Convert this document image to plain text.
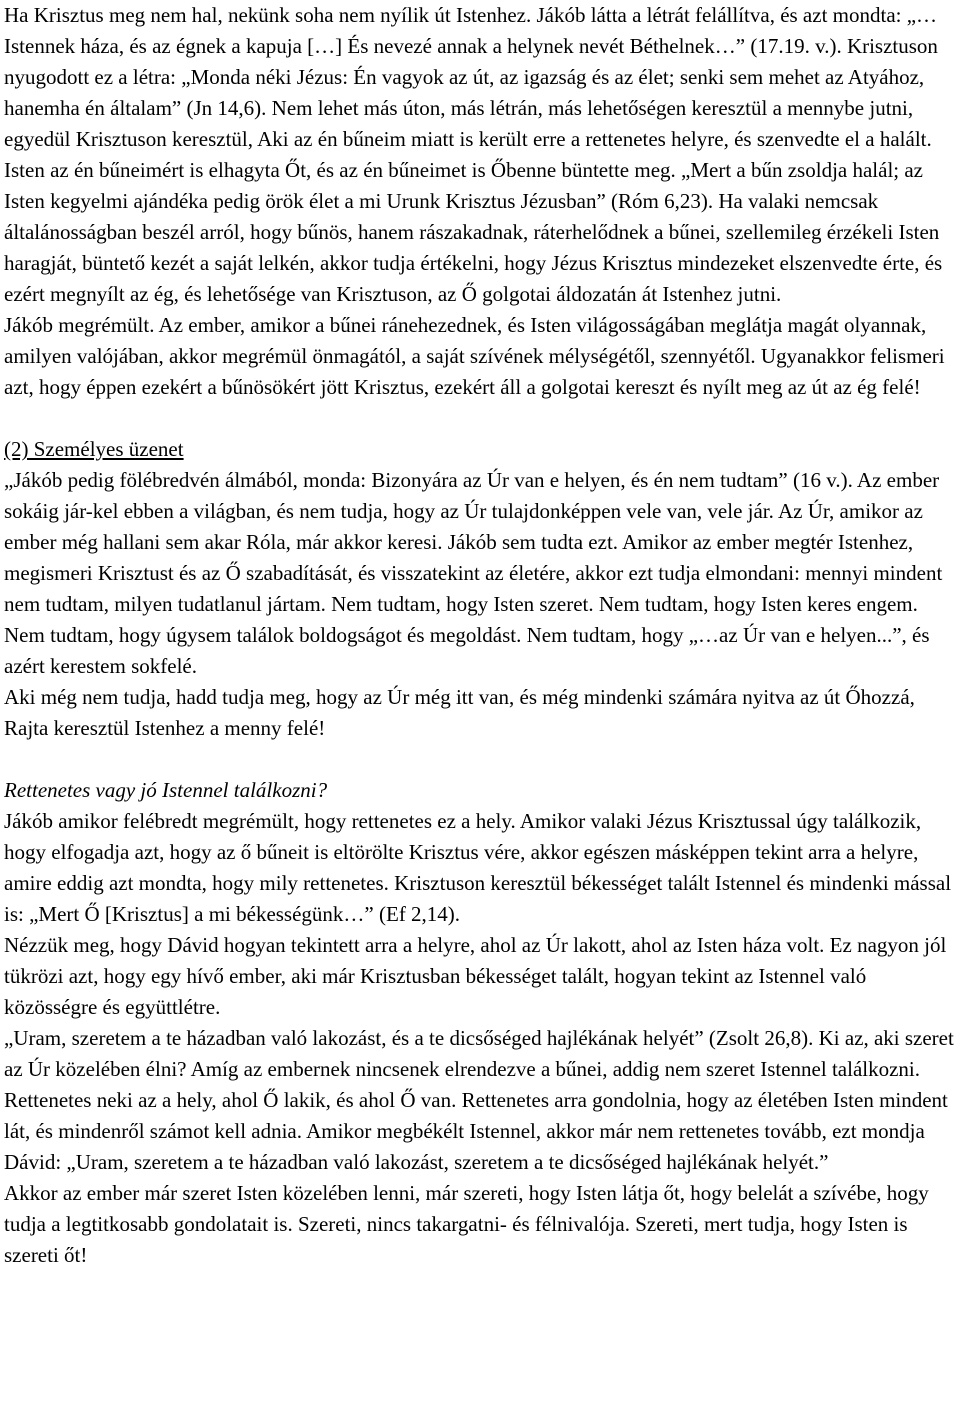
Ha Krisztus meg nem hal, nekünk soha nem nyílik út Istenhez. Jákób látta a létrát felállítva, és azt mondta: „…Istennek háza, és az égnek a kapuja […] És nevezé annak a helynek nevét Béthelnek…” (17.19. v.). Krisztuson nyugodott ez a létra: „Monda néki Jézus: Én vagyok az út, az igazság és az élet; senki sem mehet az Atyához, hanemha én általam” (Jn 14,6). Nem lehet más úton, más létrán, más lehetőségen keresztül a mennybe jutni, egyedül Krisztuson keresztül, Aki az én bűneim miatt is került erre a rettenetes helyre, és szenvedte el a halált. Isten az én bűneimért is elhagyta Őt, és az én bűneimet is Őbenne büntette meg. „Mert a bűn zsoldja halál; az Isten kegyelmi ajándéka pedig örök élet a mi Urunk Krisztus Jézusban” (Róm 6,23). Ha valaki nemcsak általánosságban beszél arról, hogy bűnös, hanem rászakadnak, ráterhelődnek a bűnei, szellemileg érzékeli Isten haragját, büntető kezét a saját lelkén, akkor tudja értékelni, hogy Jézus Krisztus mindezeket elszenvedte érte, és ezért megnyílt az ég, és lehetősége van Krisztuson, az Ő golgotai áldozatán át Istenhez jutni.

Jákób megrémült. Az ember, amikor a bűnei ránehezednek, és Isten világosságában meglátja magát olyannak, amilyen valójában, akkor megrémül önmagától, a saját szívének mélységétől, szennyétől. Ugyanakkor felismeri azt, hogy éppen ezekért a bűnösökért jött Krisztus, ezekért áll a golgotai kereszt és nyílt meg az út az ég felé!

(2) Személyes üzenet

„Jákób pedig fölébredvén álmából, monda: Bizonyára az Úr van e helyen, és én nem tudtam” (16 v.). Az ember sokáig jár-kel ebben a világban, és nem tudja, hogy az Úr tulajdonképpen vele van, vele jár. Az Úr, amikor az ember még hallani sem akar Róla, már akkor keresi. Jákób sem tudta ezt. Amikor az ember megtér Istenhez, megismeri Krisztust és az Ő szabadítását, és visszatekint az életére, akkor ezt tudja elmondani: mennyi mindent nem tudtam, milyen tudatlanul jártam. Nem tudtam, hogy Isten szeret. Nem tudtam, hogy Isten keres engem. Nem tudtam, hogy úgysem találok boldogságot és megoldást. Nem tudtam, hogy „…az Úr van e helyen...”, és azért kerestem sokfelé.

Aki még nem tudja, hadd tudja meg, hogy az Úr még itt van, és még mindenki számára nyitva az út Őhozzá, Rajta keresztül Istenhez a menny felé!

Rettenetes vagy jó Istennel találkozni?

Jákób amikor felébredt megrémült, hogy rettenetes ez a hely. Amikor valaki Jézus Krisztussal úgy találkozik, hogy elfogadja azt, hogy az ő bűneit is eltörölte Krisztus vére, akkor egészen másképpen tekint arra a helyre, amire eddig azt mondta, hogy mily rettenetes. Krisztuson keresztül békességet talált Istennel és mindenki mással is: „Mert Ő [Krisztus] a mi békességünk…” (Ef 2,14).

Nézzük meg, hogy Dávid hogyan tekintett arra a helyre, ahol az Úr lakott, ahol az Isten háza volt. Ez nagyon jól tükrözi azt, hogy egy hívő ember, aki már Krisztusban békességet talált, hogyan tekint az Istennel való közösségre és együttlétre.

„Uram, szeretem a te házadban való lakozást, és a te dicsőséged hajlékának helyét” (Zsolt 26,8). Ki az, aki szeret az Úr közelében élni? Amíg az embernek nincsenek elrendezve a bűnei, addig nem szeret Istennel találkozni. Rettenetes neki az a hely, ahol Ő lakik, és ahol Ő van. Rettenetes arra gondolnia, hogy az életében Isten mindent lát, és mindenről számot kell adnia. Amikor megbékélt Istennel, akkor már nem rettenetes tovább, ezt mondja Dávid: „Uram, szeretem a te házadban való lakozást, szeretem a te dicsőséged hajlékának helyét.”

Akkor az ember már szeret Isten közelében lenni, már szereti, hogy Isten látja őt, hogy belelát a szívébe, hogy tudja a legtitkosabb gondolatait is. Szereti, nincs takargatni- és félnivalója. Szereti, mert tudja, hogy Isten is szereti őt!
